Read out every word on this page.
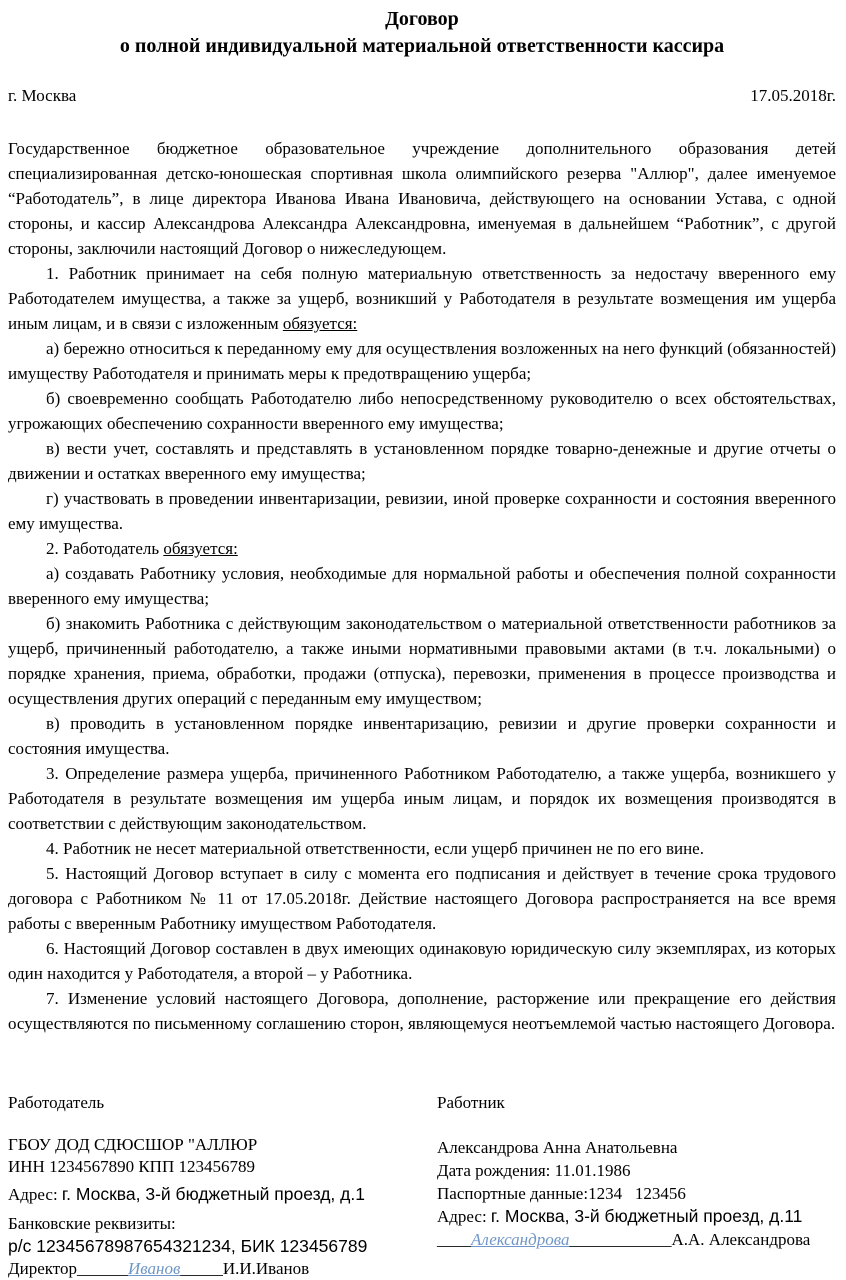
Договор
о полной индивидуальной материальной ответственности кассира
г. Москва	17.05.2018г.

Государственное бюджетное образовательное учреждение дополнительного образования детей специализированная детско-юношеская спортивная школа олимпийского резерва "Аллюр", далее именуемое “Работодатель”, в лице директора Иванова Ивана Ивановича, действующего на основании Устава, с одной стороны, и кассир Александрова Александра Александровна, именуемая в дальнейшем “Работник”, с другой стороны, заключили настоящий Договор о нижеследующем.

1. Работник принимает на себя полную материальную ответственность за недостачу вверенного ему Работодателем имущества, а также за ущерб, возникший у Работодателя в результате возмещения им ущерба иным лицам, и в связи с изложенным обязуется:

а) бережно относиться к переданному ему для осуществления возложенных на него функций (обязанностей) имуществу Работодателя и принимать меры к предотвращению ущерба;

б) своевременно сообщать Работодателю либо непосредственному руководителю о всех обстоятельствах, угрожающих обеспечению сохранности вверенного ему имущества;

в) вести учет, составлять и представлять в установленном порядке товарно-денежные и другие отчеты о движении и остатках вверенного ему имущества;

г) участвовать в проведении инвентаризации, ревизии, иной проверке сохранности и состояния вверенного ему имущества.

2. Работодатель обязуется:

а) создавать Работнику условия, необходимые для нормальной работы и обеспечения полной сохранности вверенного ему имущества;

б) знакомить Работника с действующим законодательством о материальной ответственности работников за ущерб, причиненный работодателю, а также иными нормативными правовыми актами (в т.ч. локальными) о порядке хранения, приема, обработки, продажи (отпуска), перевозки, применения в процессе производства и осуществления других операций с переданным ему имуществом;

в) проводить в установленном порядке инвентаризацию, ревизии и другие проверки сохранности и состояния имущества.

3. Определение размера ущерба, причиненного Работником Работодателю, а также ущерба, возникшего у Работодателя в результате возмещения им ущерба иным лицам, и порядок их возмещения производятся в соответствии с действующим законодательством.

4. Работник не несет материальной ответственности, если ущерб причинен не по его вине.

5. Настоящий Договор вступает в силу с момента его подписания и действует в течение срока трудового договора с Работником № 11 от 17.05.2018г. Действие настоящего Договора распространяется на все время работы с вверенным Работнику имуществом Работодателя.

6. Настоящий Договор составлен в двух имеющих одинаковую юридическую силу экземплярах, из которых один находится у Работодателя, а второй – у Работника.

7. Изменение условий настоящего Договора, дополнение, расторжение или прекращение его действия осуществляются по письменному соглашению сторон, являющемуся неотъемлемой частью настоящего Договора.

Работодатель
ГБОУ ДОД СДЮСШОР "АЛЛЮР
ИНН 1234567890 КПП 123456789
Адрес: г. Москва, 3-й бюджетный проезд, д.1
Банковские реквизиты:
р/с 12345678987654321234, БИК 123456789
Директор______Иванов_____И.И.Иванов
Работник
Александрова Анна Анатольевна
Дата рождения: 11.01.1986
Паспортные данные:1234   123456
Адрес: г. Москва, 3-й бюджетный проезд, д.11
____Александрова____________А.А. Александрова
